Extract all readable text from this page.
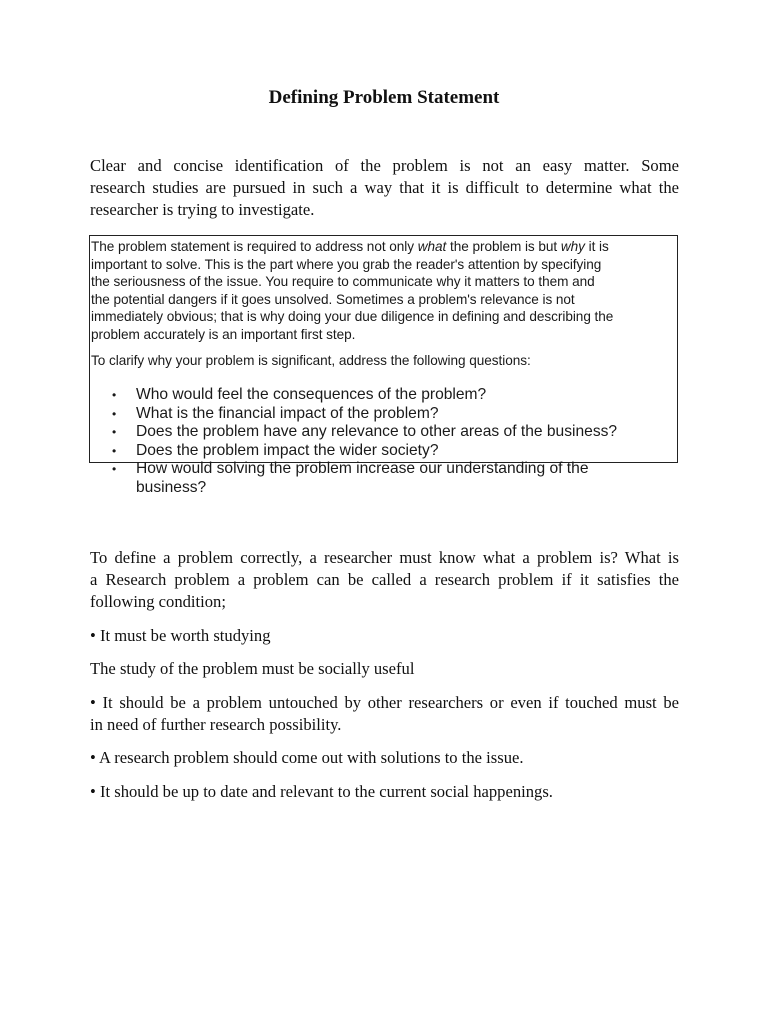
Defining Problem Statement

Clear and concise identification of the problem is not an easy matter. Some

research studies are pursued in such a way that it is difficult to determine what the

researcher is trying to investigate.

The problem statement is required to address not only what the problem is but why it is
important to solve. This is the part where you grab the reader's attention by specifying
the seriousness of the issue. You require to communicate why it matters to them and
the potential dangers if it goes unsolved. Sometimes a problem's relevance is not
immediately obvious; that is why doing your due diligence in defining and describing the
problem accurately is an important first step.

To clarify why your problem is significant, address the following questions:

• Who would feel the consequences of the problem?
• What is the financial impact of the problem?
• Does the problem have any relevance to other areas of the business?
• Does the problem impact the wider society?
• How would solving the problem increase our understanding of the
business?

To define a problem correctly, a researcher must know what a problem is? What is

a Research problem a problem can be called a research problem if it satisfies the

following condition;

• It must be worth studying

The study of the problem must be socially useful

• It should be a problem untouched by other researchers or even if touched must be

in need of further research possibility.

• A research problem should come out with solutions to the issue.

• It should be up to date and relevant to the current social happenings.
